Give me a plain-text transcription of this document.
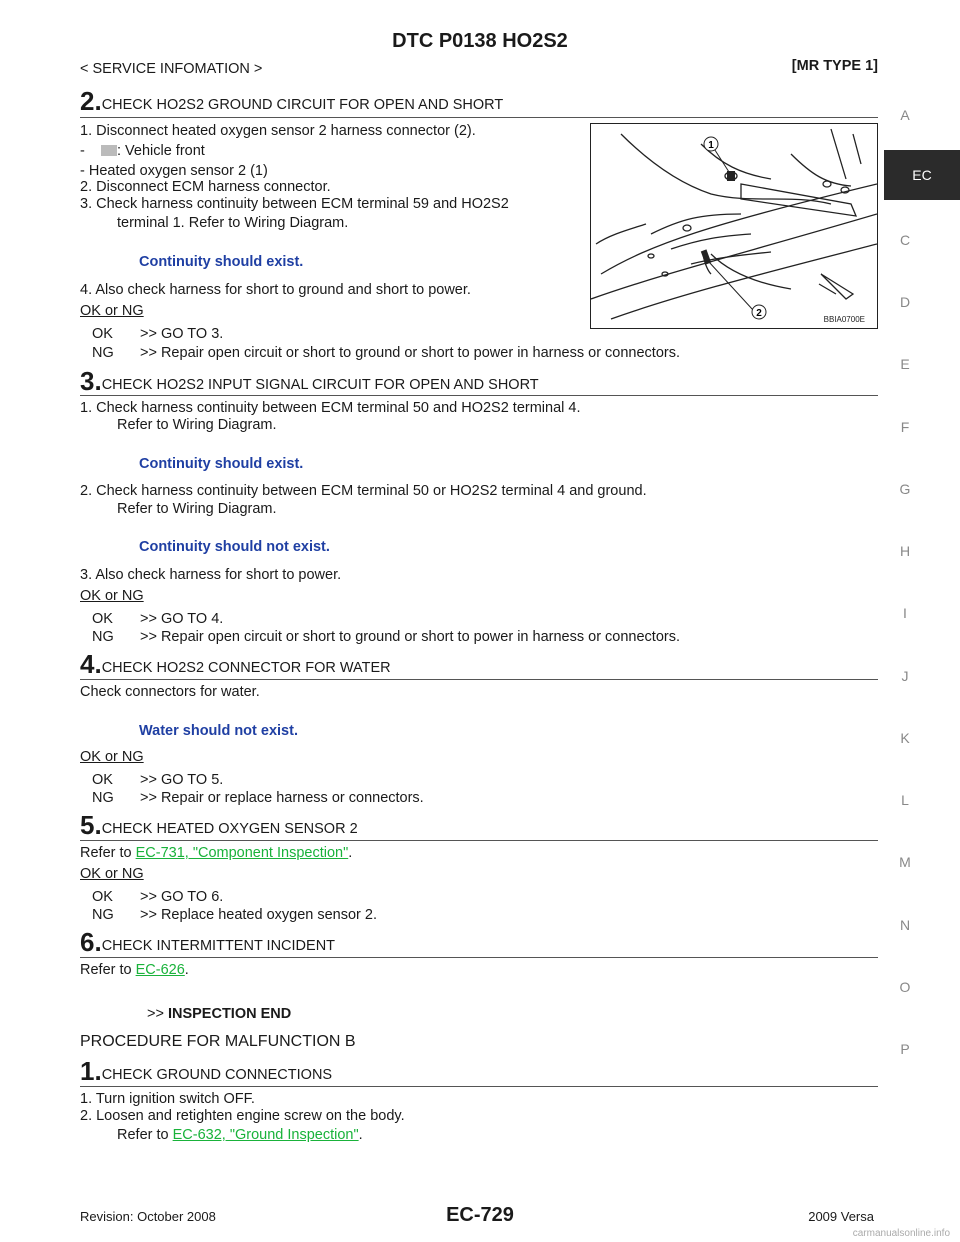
DTC P0138 HO2S2
< SERVICE INFOMATION >	[MR TYPE 1]
A
EC
C
D
E
F
G
H
I
J
K
L
M
N
O
P
2.CHECK HO2S2 GROUND CIRCUIT FOR OPEN AND SHORT
1. Disconnect heated oxygen sensor 2 harness connector (2).
- : Vehicle front
- Heated oxygen sensor 2 (1)
2. Disconnect ECM harness connector.
3. Check harness continuity between ECM terminal 59 and HO2S2
terminal 1. Refer to Wiring Diagram.
Continuity should exist.
4. Also check harness for short to ground and short to power.
OK or NG
OK >> GO TO 3.
NG >> Repair open circuit or short to ground or short to power in harness or connectors.
1
2
BBIA0700E
3.CHECK HO2S2 INPUT SIGNAL CIRCUIT FOR OPEN AND SHORT
1. Check harness continuity between ECM terminal 50 and HO2S2 terminal 4.
Refer to Wiring Diagram.
Continuity should exist.
2. Check harness continuity between ECM terminal 50 or HO2S2 terminal 4 and ground.
Refer to Wiring Diagram.
Continuity should not exist.
3. Also check harness for short to power.
OK or NG
OK >> GO TO 4.
NG >> Repair open circuit or short to ground or short to power in harness or connectors.
4.CHECK HO2S2 CONNECTOR FOR WATER
Check connectors for water.
Water should not exist.
OK or NG
OK >> GO TO 5.
NG >> Repair or replace harness or connectors.
5.CHECK HEATED OXYGEN SENSOR 2
Refer to EC-731, "Component Inspection".
OK or NG
OK >> GO TO 6.
NG >> Replace heated oxygen sensor 2.
6.CHECK INTERMITTENT INCIDENT
Refer to EC-626.
>> INSPECTION END
PROCEDURE FOR MALFUNCTION B
1.CHECK GROUND CONNECTIONS
1. Turn ignition switch OFF.
2. Loosen and retighten engine screw on the body.
Refer to EC-632, "Ground Inspection".
Revision: October 2008	EC-729	2009 Versa
carmanualsonline.info
